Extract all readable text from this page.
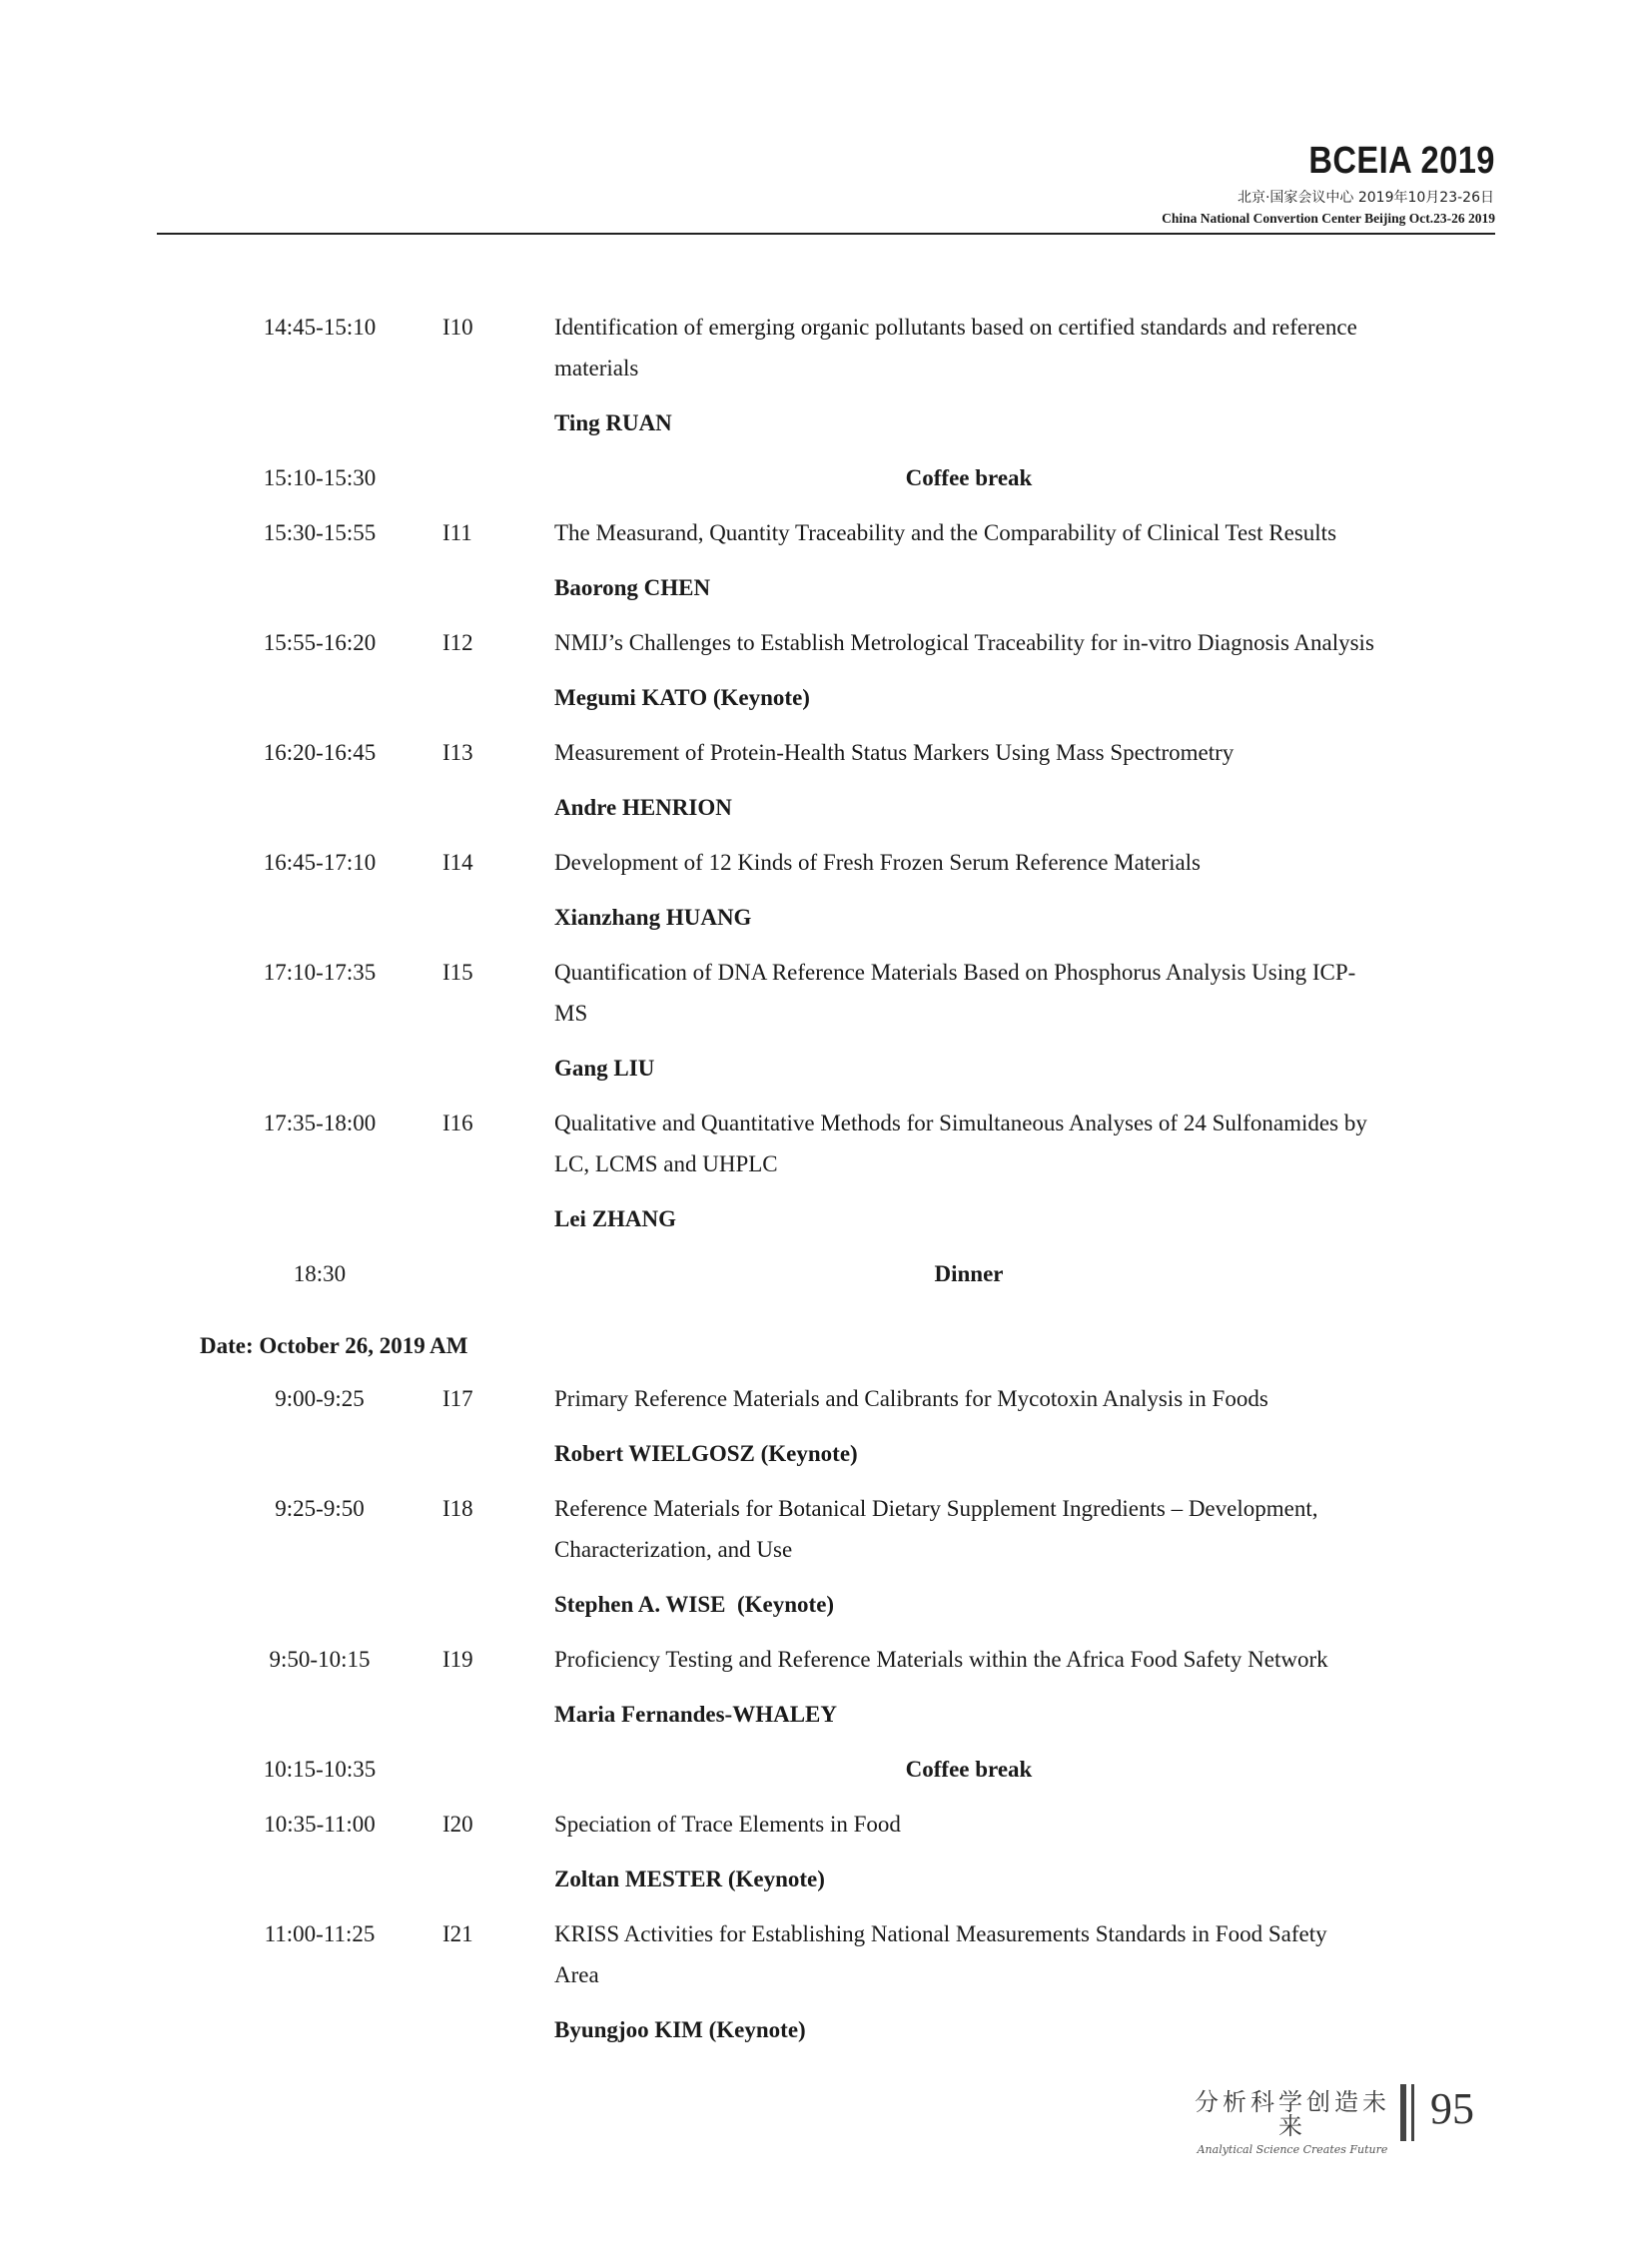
BCEIA 2019
北京·国家会议中心 2019年10月23-26日
China National Convertion Center Beijing Oct.23-26 2019
14:45-15:10	I10	Identification of emerging organic pollutants based on certified standards and reference
materials
Ting RUAN
15:10-15:30	Coffee break
15:30-15:55	I11	The Measurand, Quantity Traceability and the Comparability of Clinical Test Results
Baorong CHEN
15:55-16:20	I12	NMIJ’s Challenges to Establish Metrological Traceability for in-vitro Diagnosis Analysis
Megumi KATO (Keynote)
16:20-16:45	I13	Measurement of Protein-Health Status Markers Using Mass Spectrometry
Andre HENRION
16:45-17:10	I14	Development of 12 Kinds of Fresh Frozen Serum Reference Materials
Xianzhang HUANG
17:10-17:35	I15	Quantification of DNA Reference Materials Based on Phosphorus Analysis Using ICP-
MS
Gang LIU
17:35-18:00	I16	Qualitative and Quantitative Methods for Simultaneous Analyses of 24 Sulfonamides by
LC, LCMS and UHPLC
Lei ZHANG
18:30	Dinner
Date: October 26, 2019 AM
9:00-9:25	I17	Primary Reference Materials and Calibrants for Mycotoxin Analysis in Foods
Robert WIELGOSZ (Keynote)
9:25-9:50	I18	Reference Materials for Botanical Dietary Supplement Ingredients – Development,
Characterization, and Use
Stephen A. WISE  (Keynote)
9:50-10:15	I19	Proficiency Testing and Reference Materials within the Africa Food Safety Network
Maria Fernandes-WHALEY
10:15-10:35	Coffee break
10:35-11:00	I20	Speciation of Trace Elements in Food
Zoltan MESTER (Keynote)
11:00-11:25	I21	KRISS Activities for Establishing National Measurements Standards in Food Safety
Area
Byungjoo KIM (Keynote)
分析科学创造未来
Analytical Science Creates Future
95
